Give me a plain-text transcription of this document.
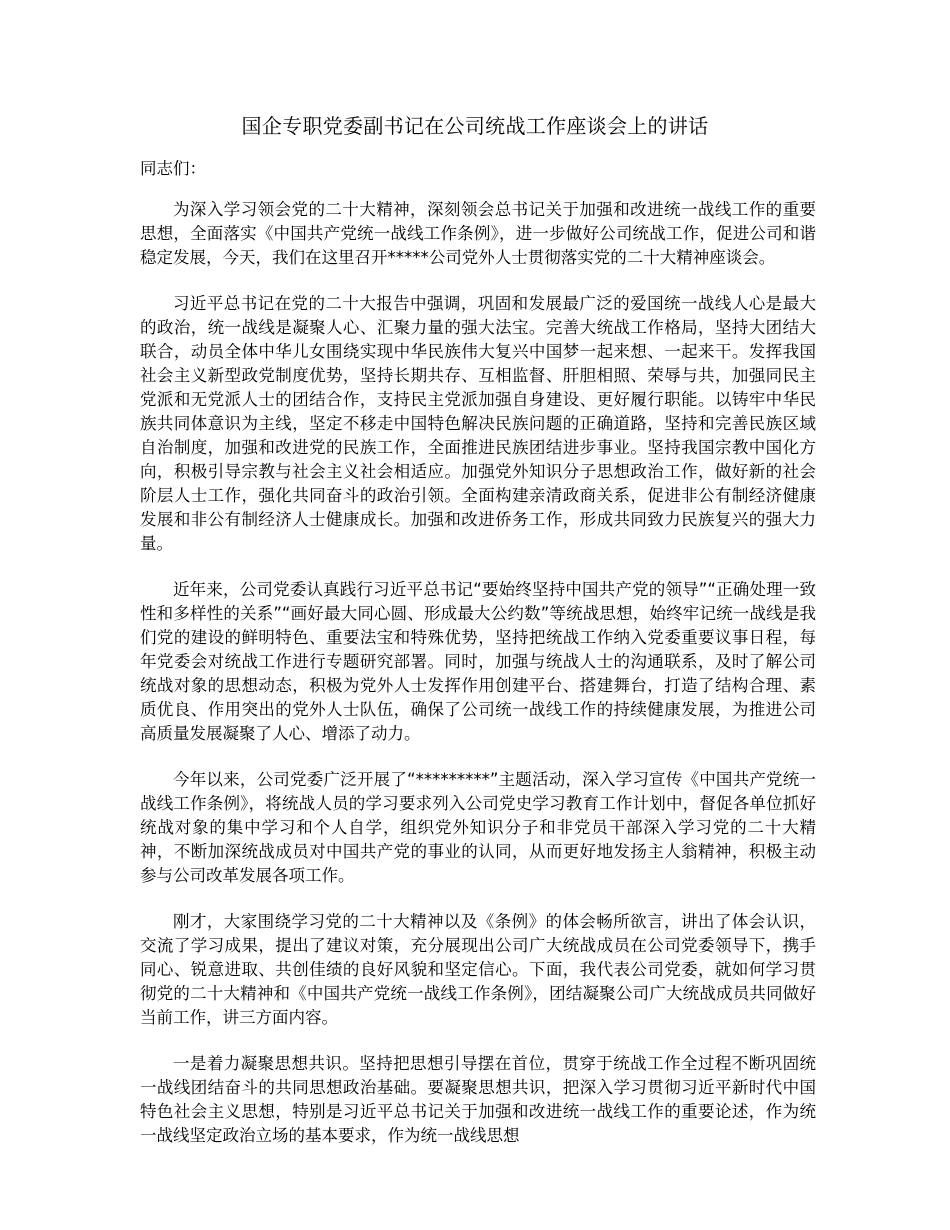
国企专职党委副书记在公司统战工作座谈会上的讲话
同志们：

为深入学习领会党的二十大精神，深刻领会总书记关于加强和改进统一战线工作的重要思想，全面落实《中国共产党统一战线工作条例》，进一步做好公司统战工作，促进公司和谐稳定发展，今天，我们在这里召开*****公司党外人士贯彻落实党的二十大精神座谈会。

习近平总书记在党的二十大报告中强调，巩固和发展最广泛的爱国统一战线人心是最大的政治，统一战线是凝聚人心、汇聚力量的强大法宝。完善大统战工作格局，坚持大团结大联合，动员全体中华儿女围绕实现中华民族伟大复兴中国梦一起来想、一起来干。发挥我国社会主义新型政党制度优势，坚持长期共存、互相监督、肝胆相照、荣辱与共，加强同民主党派和无党派人士的团结合作，支持民主党派加强自身建设、更好履行职能。以铸牢中华民族共同体意识为主线，坚定不移走中国特色解决民族问题的正确道路，坚持和完善民族区域自治制度，加强和改进党的民族工作，全面推进民族团结进步事业。坚持我国宗教中国化方向，积极引导宗教与社会主义社会相适应。加强党外知识分子思想政治工作，做好新的社会阶层人士工作，强化共同奋斗的政治引领。全面构建亲清政商关系，促进非公有制经济健康发展和非公有制经济人士健康成长。加强和改进侨务工作，形成共同致力民族复兴的强大力量。

近年来，公司党委认真践行习近平总书记“要始终坚持中国共产党的领导”“正确处理一致性和多样性的关系”“画好最大同心圆、形成最大公约数”等统战思想，始终牢记统一战线是我们党的建设的鲜明特色、重要法宝和特殊优势，坚持把统战工作纳入党委重要议事日程，每年党委会对统战工作进行专题研究部署。同时，加强与统战人士的沟通联系，及时了解公司统战对象的思想动态，积极为党外人士发挥作用创建平台、搭建舞台，打造了结构合理、素质优良、作用突出的党外人士队伍，确保了公司统一战线工作的持续健康发展，为推进公司高质量发展凝聚了人心、增添了动力。

今年以来，公司党委广泛开展了“*********”主题活动，深入学习宣传《中国共产党统一战线工作条例》，将统战人员的学习要求列入公司党史学习教育工作计划中，督促各单位抓好统战对象的集中学习和个人自学，组织党外知识分子和非党员干部深入学习党的二十大精神，不断加深统战成员对中国共产党的事业的认同，从而更好地发扬主人翁精神，积极主动参与公司改革发展各项工作。

刚才，大家围绕学习党的二十大精神以及《条例》的体会畅所欲言，讲出了体会认识，交流了学习成果，提出了建议对策，充分展现出公司广大统战成员在公司党委领导下，携手同心、锐意进取、共创佳绩的良好风貌和坚定信心。下面，我代表公司党委，就如何学习贯彻党的二十大精神和《中国共产党统一战线工作条例》，团结凝聚公司广大统战成员共同做好当前工作，讲三方面内容。

一是着力凝聚思想共识。坚持把思想引导摆在首位，贯穿于统战工作全过程不断巩固统一战线团结奋斗的共同思想政治基础。要凝聚思想共识，把深入学习贯彻习近平新时代中国特色社会主义思想，特别是习近平总书记关于加强和改进统一战线工作的重要论述，作为统一战线坚定政治立场的基本要求，作为统一战线思想
